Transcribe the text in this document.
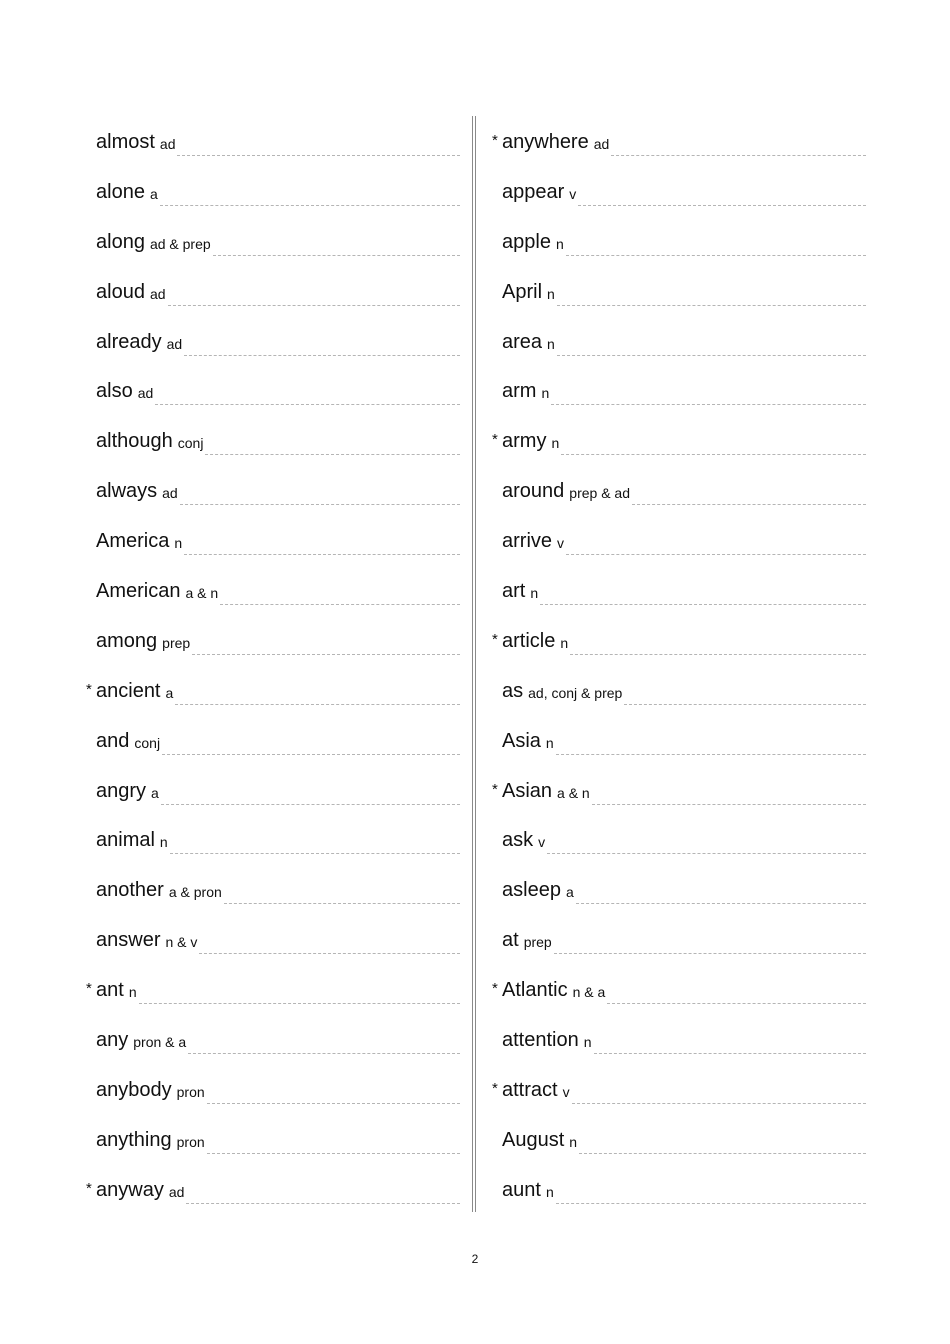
almost ad
alone a
along ad & prep
aloud ad
already ad
also ad
although conj
always ad
America n
American a & n
among prep
* ancient a
and conj
angry a
animal n
another a & pron
answer n & v
* ant n
any pron & a
anybody pron
anything pron
* anyway ad
* anywhere ad
appear v
apple n
April n
area n
arm n
* army n
around prep & ad
arrive v
art n
* article n
as ad, conj & prep
Asia n
* Asian a & n
ask v
asleep a
at prep
* Atlantic n & a
attention n
* attract v
August n
aunt n
2
